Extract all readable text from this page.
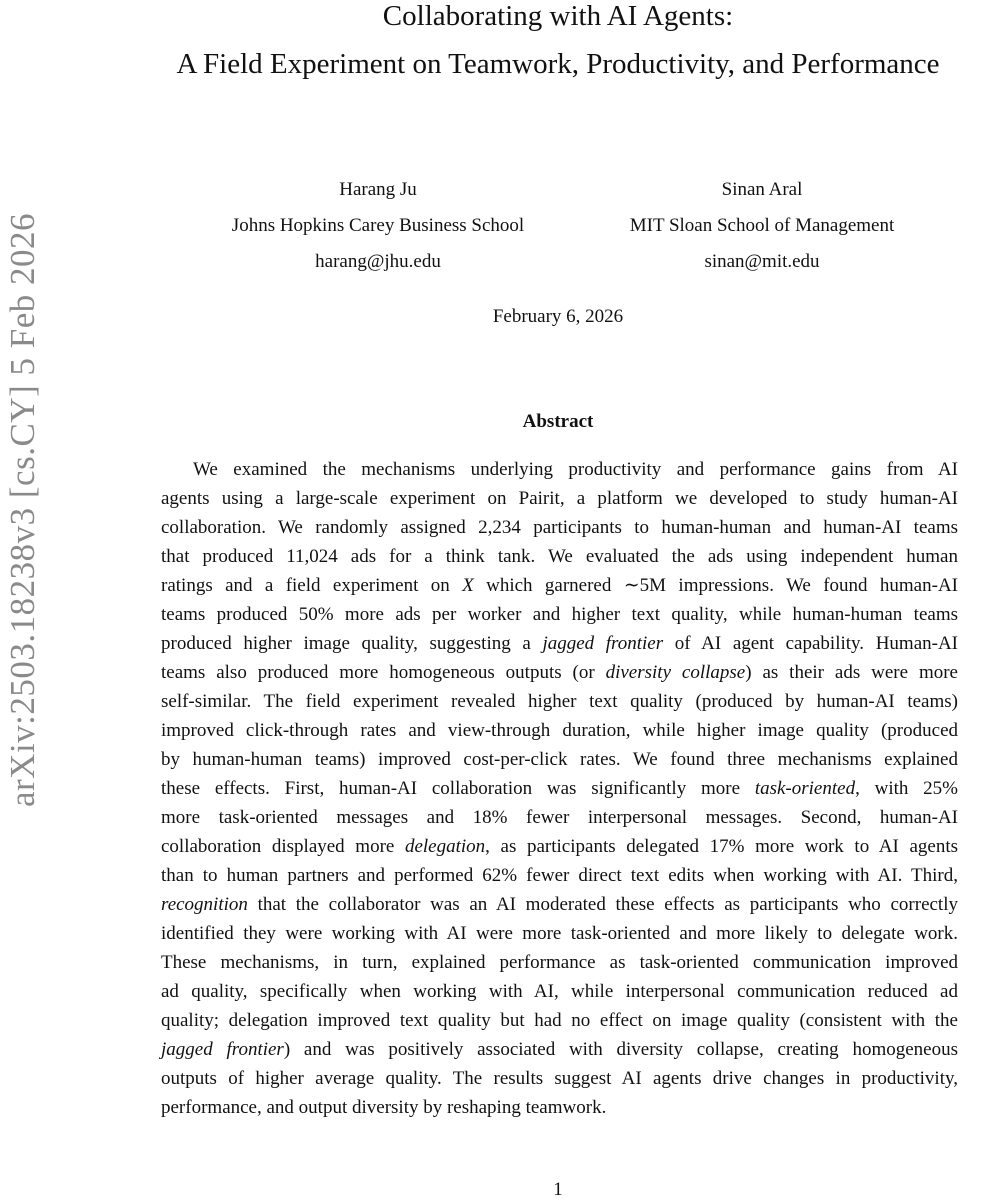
arXiv:2503.18238v3 [cs.CY] 5 Feb 2026
Collaborating with AI Agents:
A Field Experiment on Teamwork, Productivity, and Performance
Harang Ju
Johns Hopkins Carey Business School
harang@jhu.edu
Sinan Aral
MIT Sloan School of Management
sinan@mit.edu
February 6, 2026
Abstract
We examined the mechanisms underlying productivity and performance gains from AI
agents using a large-scale experiment on Pairit, a platform we developed to study human-AI
collaboration. We randomly assigned 2,234 participants to human-human and human-AI teams
that produced 11,024 ads for a think tank. We evaluated the ads using independent human
ratings and a field experiment on X which garnered ∼5M impressions. We found human-AI
teams produced 50% more ads per worker and higher text quality, while human-human teams
produced higher image quality, suggesting a jagged frontier of AI agent capability. Human-AI
teams also produced more homogeneous outputs (or diversity collapse) as their ads were more
self-similar. The field experiment revealed higher text quality (produced by human-AI teams)
improved click-through rates and view-through duration, while higher image quality (produced
by human-human teams) improved cost-per-click rates. We found three mechanisms explained
these effects. First, human-AI collaboration was significantly more task-oriented, with 25%
more task-oriented messages and 18% fewer interpersonal messages. Second, human-AI
collaboration displayed more delegation, as participants delegated 17% more work to AI agents
than to human partners and performed 62% fewer direct text edits when working with AI. Third,
recognition that the collaborator was an AI moderated these effects as participants who correctly
identified they were working with AI were more task-oriented and more likely to delegate work.
These mechanisms, in turn, explained performance as task-oriented communication improved
ad quality, specifically when working with AI, while interpersonal communication reduced ad
quality; delegation improved text quality but had no effect on image quality (consistent with the
jagged frontier) and was positively associated with diversity collapse, creating homogeneous
outputs of higher average quality. The results suggest AI agents drive changes in productivity,
performance, and output diversity by reshaping teamwork.
1
